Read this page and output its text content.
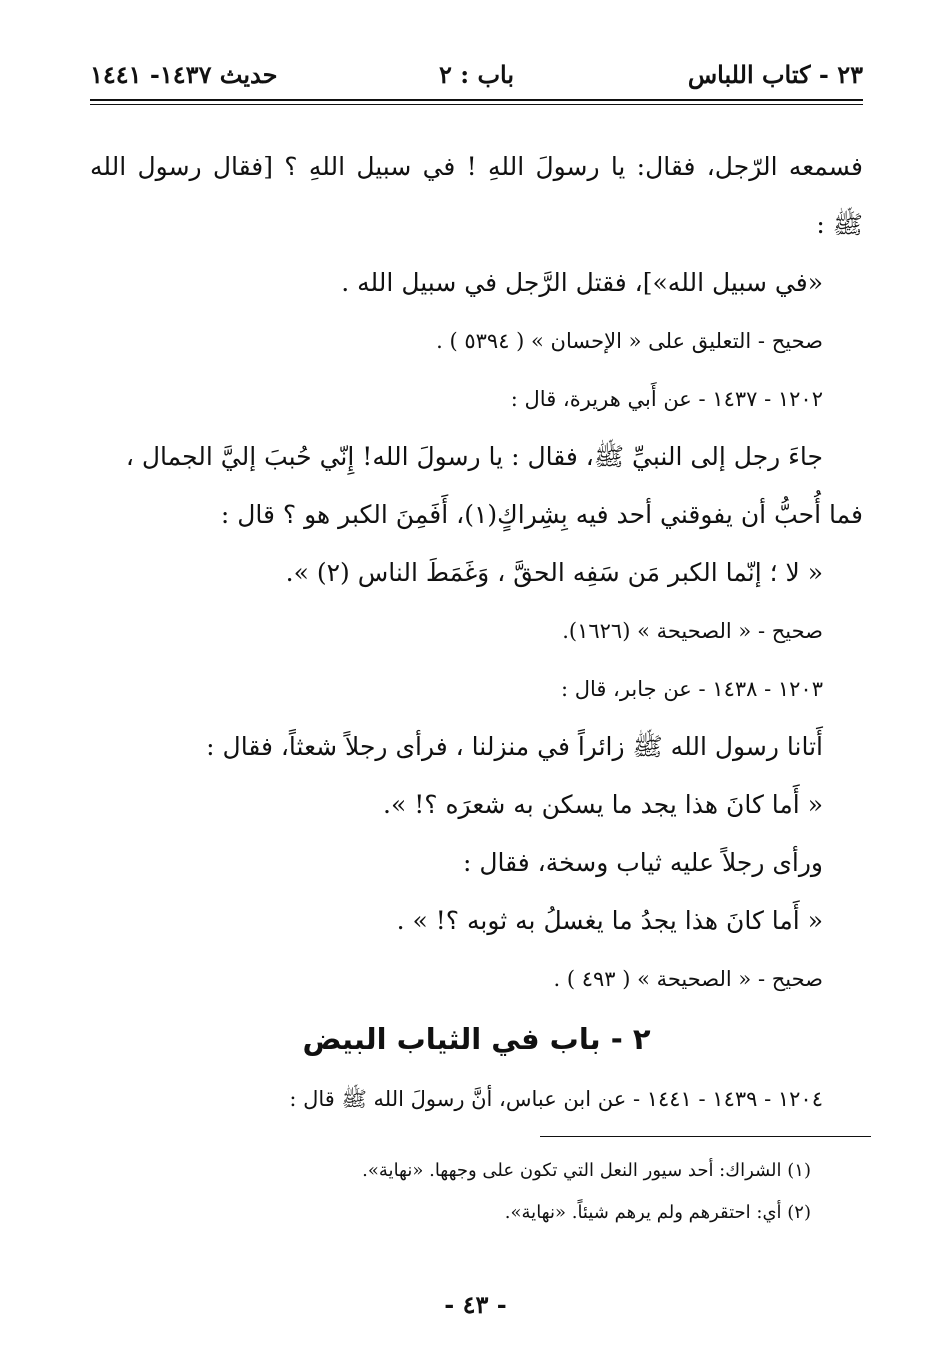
٢٣ - كتاب اللباس
باب : ٢
حديث ١٤٣٧- ١٤٤١
فسمعه الرّجل، فقال: يا رسولَ اللهِ ! في سبيل اللهِ ؟ [فقال رسول الله
ﷺ :
«في سبيل الله»]، فقتل الرَّجل في سبيل الله .
صحيح - التعليق على « الإحسان » ( ٥٣٩٤ ) .
١٢٠٢ - ١٤٣٧ - عن أَبي هريرة، قال :
جاءَ رجل إلى النبيِّ ﷺ، فقال : يا رسولَ الله! إِنّي حُببَ إليَّ الجمال ،
فما أُحبُّ أن يفوقني أحد فيه بِشِراكٍ(١)، أَفَمِنَ الكبر هو ؟ قال :
« لا ؛ إنّما الكبر مَن سَفِه الحقَّ ، وَغَمَطَ الناس (٢) ».
صحيح - « الصحيحة » (١٦٢٦).
١٢٠٣ - ١٤٣٨ - عن جابر، قال :
أَتانا رسول الله ﷺ زائراً في منزلنا ، فرأى رجلاً شعثاً، فقال :
« أَما كانَ هذا يجد ما يسكن به شعرَه ؟! ».
ورأى رجلاً عليه ثياب وسخة، فقال :
« أَما كانَ هذا يجدُ ما يغسلُ به ثوبه ؟! » .
صحيح - « الصحيحة » ( ٤٩٣ ) .
٢ - باب في الثياب البيض
١٢٠٤ - ١٤٣٩ - ١٤٤١ - عن ابن عباس، أنَّ رسولَ الله ﷺ قال :
(١) الشراك: أحد سيور النعل التي تكون على وجهها. «نهاية».
(٢) أي: احتقرهم ولم يرهم شيئاً. «نهاية».
- ٤٣ -
